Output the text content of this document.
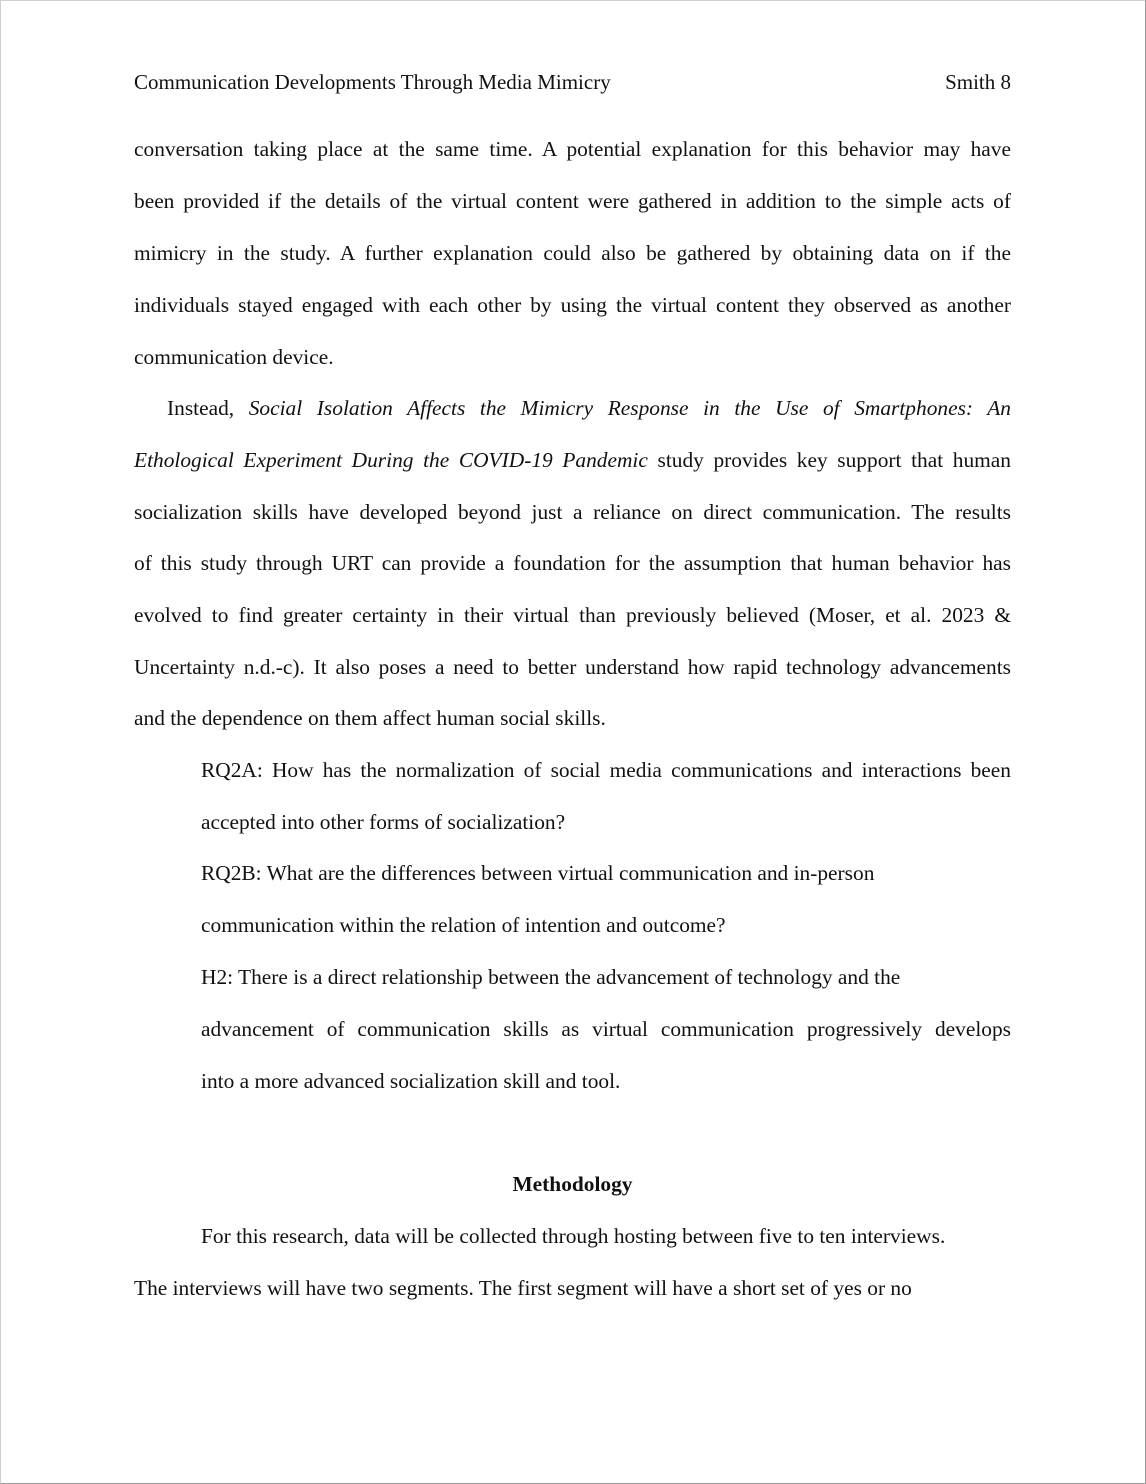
Communication Developments Through Media Mimicry	Smith 8
conversation taking place at the same time. A potential explanation for this behavior may have
been provided if the details of the virtual content were gathered in addition to the simple acts of
mimicry in the study. A further explanation could also be gathered by obtaining data on if the
individuals stayed engaged with each other by using the virtual content they observed as another
communication device.
Instead, Social Isolation Affects the Mimicry Response in the Use of Smartphones: An
Ethological Experiment During the COVID-19 Pandemic study provides key support that human
socialization skills have developed beyond just a reliance on direct communication. The results
of this study through URT can provide a foundation for the assumption that human behavior has
evolved to find greater certainty in their virtual than previously believed (Moser, et al. 2023 &
Uncertainty n.d.-c). It also poses a need to better understand how rapid technology advancements
and the dependence on them affect human social skills.
RQ2A: How has the normalization of social media communications and interactions been
accepted into other forms of socialization?
RQ2B: What are the differences between virtual communication and in-person
communication within the relation of intention and outcome?
H2: There is a direct relationship between the advancement of technology and the
advancement of communication skills as virtual communication progressively develops
into a more advanced socialization skill and tool.
Methodology
For this research, data will be collected through hosting between five to ten interviews.
The interviews will have two segments. The first segment will have a short set of yes or no
